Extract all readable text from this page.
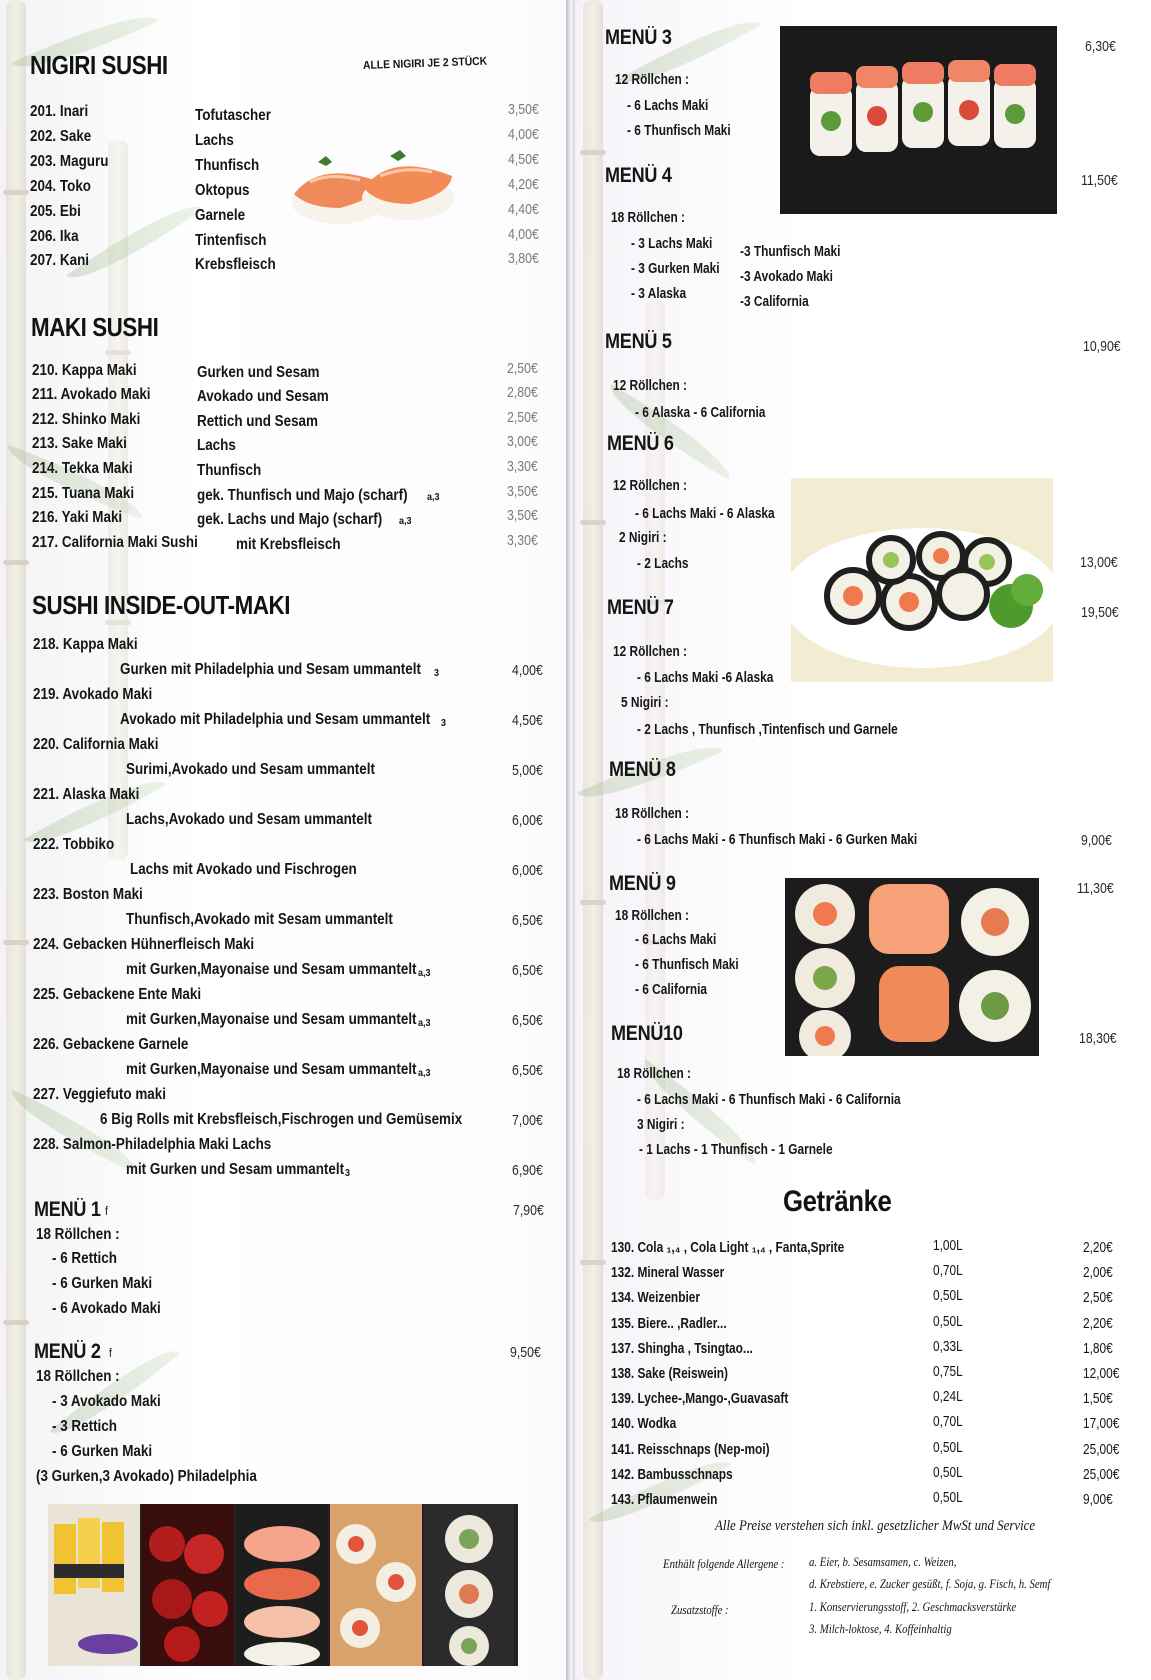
NIGIRI SUSHI	ALLE NIGIRI JE 2 STÜCK
201. Inari	Tofutascher	3,50€
202. Sake	Lachs	4,00€
203. Maguru	Thunfisch	4,50€
204. Toko	Oktopus	4,20€
205. Ebi	Garnele	4,40€
206. Ika	Tintenfisch	4,00€
207. Kani	Krebsfleisch	3,80€
MAKI SUSHI
210. Kappa Maki	Gurken und Sesam	2,50€
211. Avokado Maki	Avokado und Sesam	2,80€
212. Shinko Maki	Rettich und Sesam	2,50€
213. Sake Maki	Lachs	3,00€
214. Tekka Maki	Thunfisch	3,30€
215. Tuana Maki	gek. Thunfisch und Majo (scharf) a,3	3,50€
216. Yaki Maki	gek. Lachs und Majo (scharf) a,3	3,50€
217. California Maki Sushi mit Krebsfleisch	3,30€
SUSHI INSIDE-OUT-MAKI
218. Kappa Maki
Gurken mit Philadelphia und Sesam ummantelt 3	4,00€
219. Avokado Maki
Avokado mit Philadelphia und Sesam ummantelt 3	4,50€
220. California Maki
Surimi,Avokado und Sesam ummantelt	5,00€
221. Alaska Maki
Lachs,Avokado und Sesam ummantelt	6,00€
222. Tobbiko
Lachs mit Avokado und Fischrogen	6,00€
223. Boston Maki
Thunfisch,Avokado mit Sesam ummantelt	6,50€
224. Gebacken Hühnerfleisch Maki
mit Gurken,Mayonaise und Sesam ummantelt a,3	6,50€
225. Gebackene Ente Maki
mit Gurken,Mayonaise und Sesam ummantelt a,3	6,50€
226. Gebackene Garnele
mit Gurken,Mayonaise und Sesam ummantelt a,3	6,50€
227. Veggiefuto maki
6 Big Rolls mit Krebsfleisch,Fischrogen und Gemüsemix	7,00€
228. Salmon-Philadelphia Maki Lachs
mit Gurken und Sesam ummantelt 3	6,90€
MENÜ 1 f	7,90€
18 Röllchen :
- 6 Rettich
- 6 Gurken Maki
- 6 Avokado Maki
MENÜ 2 f	9,50€
18 Röllchen :
- 3 Avokado Maki
- 3 Rettich
- 6 Gurken Maki
(3 Gurken,3 Avokado) Philadelphia
MENÜ 3	6,30€
12 Röllchen :
- 6 Lachs Maki
- 6 Thunfisch Maki
MENÜ 4	11,50€
18 Röllchen :
- 3 Lachs Maki
- 3 Gurken Maki
- 3 Alaska
-3 Thunfisch Maki
-3 Avokado Maki
-3 California
MENÜ 5	10,90€
12 Röllchen :
- 6 Alaska - 6 California
MENÜ 6
12 Röllchen :
- 6 Lachs Maki - 6 Alaska
2 Nigiri :
- 2 Lachs	13,00€
MENÜ 7	19,50€
12 Röllchen :
- 6 Lachs Maki -6 Alaska
5 Nigiri :
- 2 Lachs , Thunfisch ,Tintenfisch und Garnele
MENÜ 8
18 Röllchen :
- 6 Lachs Maki - 6 Thunfisch Maki - 6 Gurken Maki	9,00€
MENÜ 9	11,30€
18 Röllchen :
- 6 Lachs Maki
- 6 Thunfisch Maki
- 6 California
MENÜ10	18,30€
18 Röllchen :
- 6 Lachs Maki - 6 Thunfisch Maki - 6 California
3 Nigiri :
- 1 Lachs - 1 Thunfisch - 1 Garnele
Getränke
130. Cola ₁,₄ , Cola Light ₁,₄ , Fanta,Sprite	1,00L	2,20€
132. Mineral Wasser	0,70L	2,00€
134. Weizenbier	0,50L	2,50€
135. Biere.. ,Radler...	0,50L	2,20€
137. Shingha , Tsingtao...	0,33L	1,80€
138. Sake (Reiswein)	0,75L	12,00€
139. Lychee-,Mango-,Guavasaft	0,24L	1,50€
140. Wodka	0,70L	17,00€
141. Reisschnaps (Nep-moi)	0,50L	25,00€
142. Bambusschnaps	0,50L	25,00€
143. Pflaumenwein	0,50L	9,00€
Alle Preise verstehen sich inkl. gesetzlicher MwSt und Service
Enthält folgende Allergene : a. Eier, b. Sesamsamen, c. Weizen,
d. Krebstiere, e. Zucker gesüßt, f. Soja, g. Fisch, h. Semf
Zusatzstoffe :	1. Konservierungsstoff, 2. Geschmacksverstärke
3. Milch-loktose, 4. Koffeinhaltig
